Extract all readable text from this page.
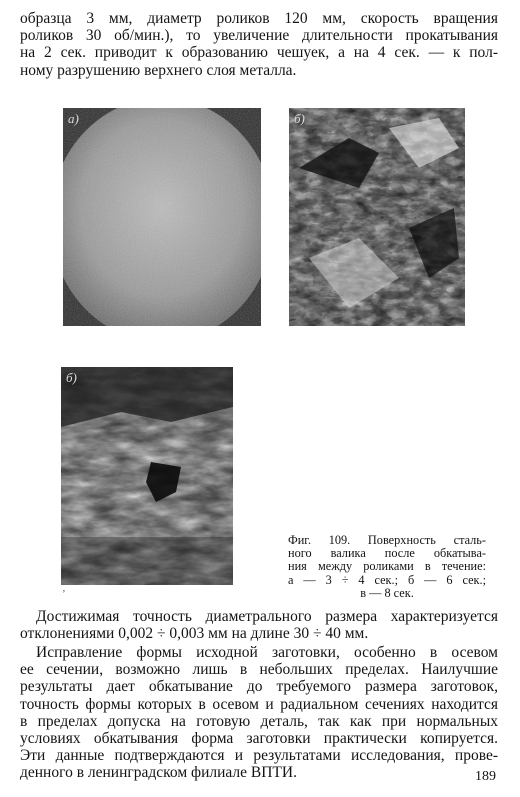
образца 3 мм, диаметр роликов 120 мм, скорость вращения
роликов 30 об/мин.), то увеличение длительности прокатывания
на 2 сек. приводит к образованию чешуек, а на 4 сек. — к пол-
ному разрушению верхнего слоя металла.

а)	б)
б)
‚

Фиг. 109. Поверхность сталь-
ного валика после обкатыва-
ния между роликами в течение:
а — 3 ÷ 4 сек.; б — 6 сек.;
в — 8 сек.

Достижимая точность диаметрального размера характеризуется
отклонениями 0,002 ÷ 0,003 мм на длине 30 ÷ 40 мм.

Исправление формы исходной заготовки, особенно в осевом
ее сечении, возможно лишь в небольших пределах. Наилучшие
результаты дает обкатывание до требуемого размера заготовок,
точность формы которых в осевом и радиальном сечениях находится
в пределах допуска на готовую деталь, так как при нормальных
условиях обкатывания форма заготовки практически копируется.
Эти данные подтверждаются и результатами исследования, прове-
денного в ленинградском филиале ВПТИ.	189
